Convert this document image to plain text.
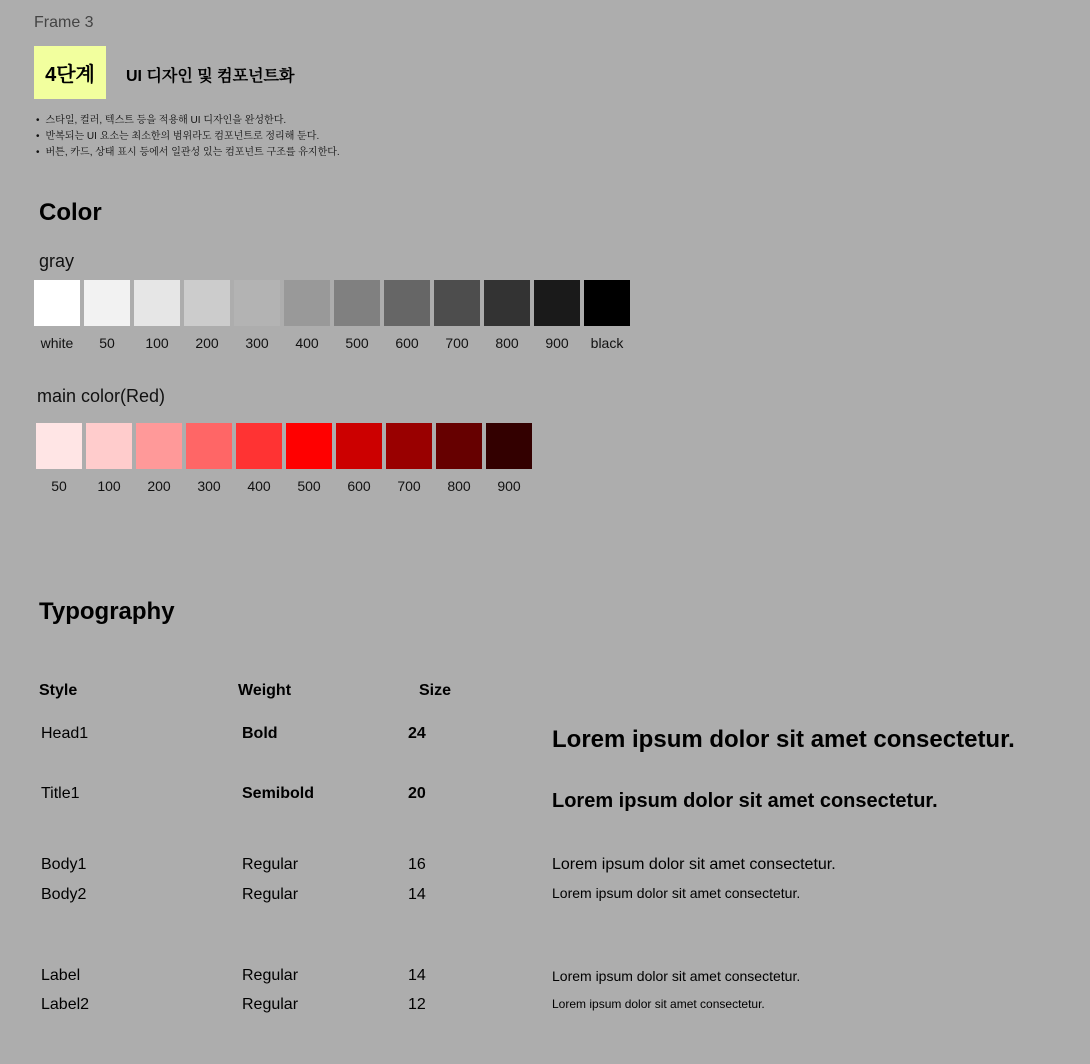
Frame 3
4단계	UI 디자인 및 컴포넌트화
• 스타일, 컬러, 텍스트 등을 적용해 UI 디자인을 완성한다.
• 반복되는 UI 요소는 최소한의 범위라도 컴포넌트로 정리해 둔다.
• 버튼, 카드, 상태 표시 등에서 일관성 있는 컴포넌트 구조를 유지한다.
Color
gray
white	50	100	200	300	400	500	600	700	800	900	black
main color(Red)
50	100	200	300	400	500	600	700	800	900
Typography
Style	Weight	Size
Head1	Bold	24	Lorem ipsum dolor sit amet consectetur.
Title1	Semibold	20	Lorem ipsum dolor sit amet consectetur.
Body1	Regular	16	Lorem ipsum dolor sit amet consectetur.
Body2	Regular	14	Lorem ipsum dolor sit amet consectetur.
Label	Regular	14	Lorem ipsum dolor sit amet consectetur.
Label2	Regular	12	Lorem ipsum dolor sit amet consectetur.
